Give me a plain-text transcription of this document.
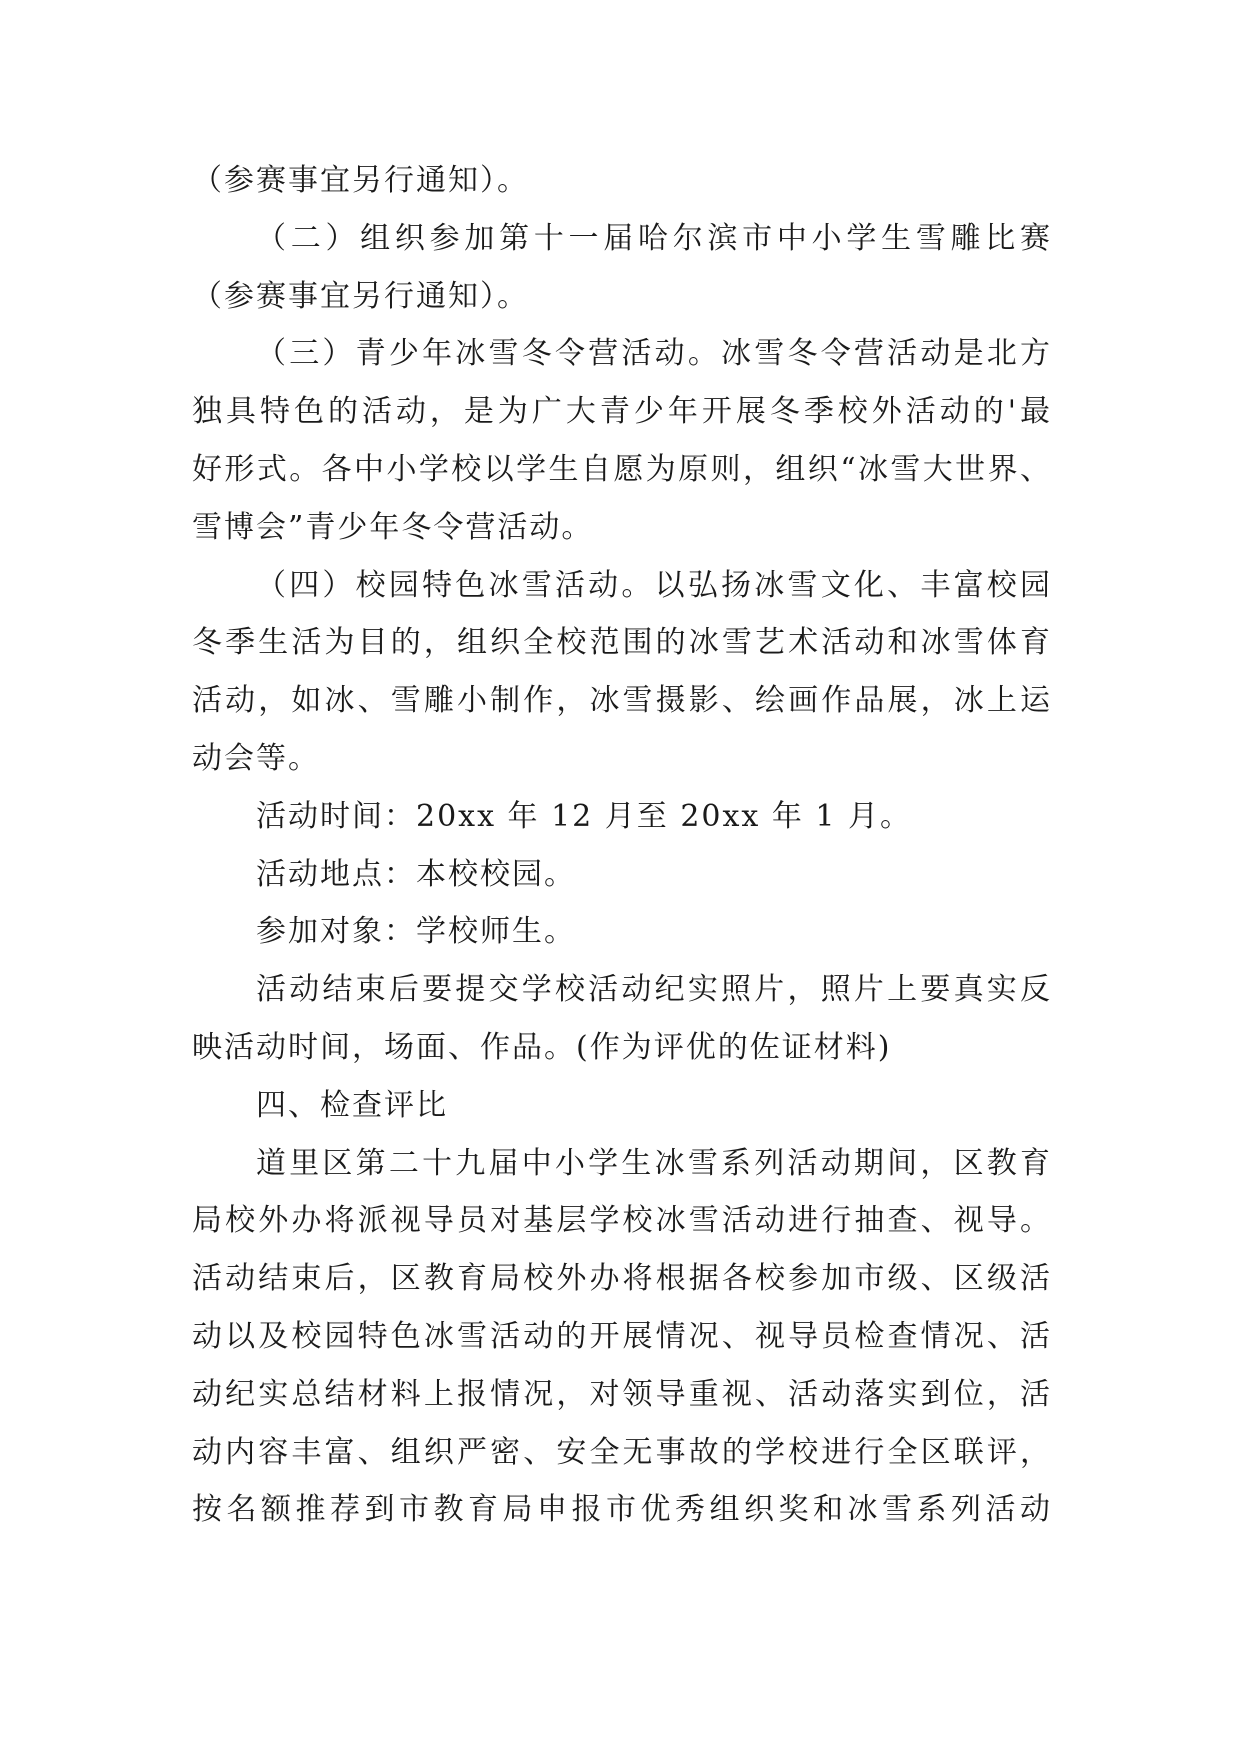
（参赛事宜另行通知）。
（二）组织参加第十一届哈尔滨市中小学生雪雕比赛
（参赛事宜另行通知）。
（三）青少年冰雪冬令营活动。冰雪冬令营活动是北方
独具特色的活动，是为广大青少年开展冬季校外活动的'最
好形式。各中小学校以学生自愿为原则，组织“冰雪大世界、
雪博会”青少年冬令营活动。
（四）校园特色冰雪活动。以弘扬冰雪文化、丰富校园
冬季生活为目的，组织全校范围的冰雪艺术活动和冰雪体育
活动，如冰、雪雕小制作，冰雪摄影、绘画作品展，冰上运
动会等。
活动时间：20xx 年 12 月至 20xx 年 1 月。
活动地点：本校校园。
参加对象：学校师生。
活动结束后要提交学校活动纪实照片，照片上要真实反
映活动时间，场面、作品。(作为评优的佐证材料)
四、检查评比
道里区第二十九届中小学生冰雪系列活动期间，区教育
局校外办将派视导员对基层学校冰雪活动进行抽查、视导。
活动结束后，区教育局校外办将根据各校参加市级、区级活
动以及校园特色冰雪活动的开展情况、视导员检查情况、活
动纪实总结材料上报情况，对领导重视、活动落实到位，活
动内容丰富、组织严密、安全无事故的学校进行全区联评，
按名额推荐到市教育局申报市优秀组织奖和冰雪系列活动
